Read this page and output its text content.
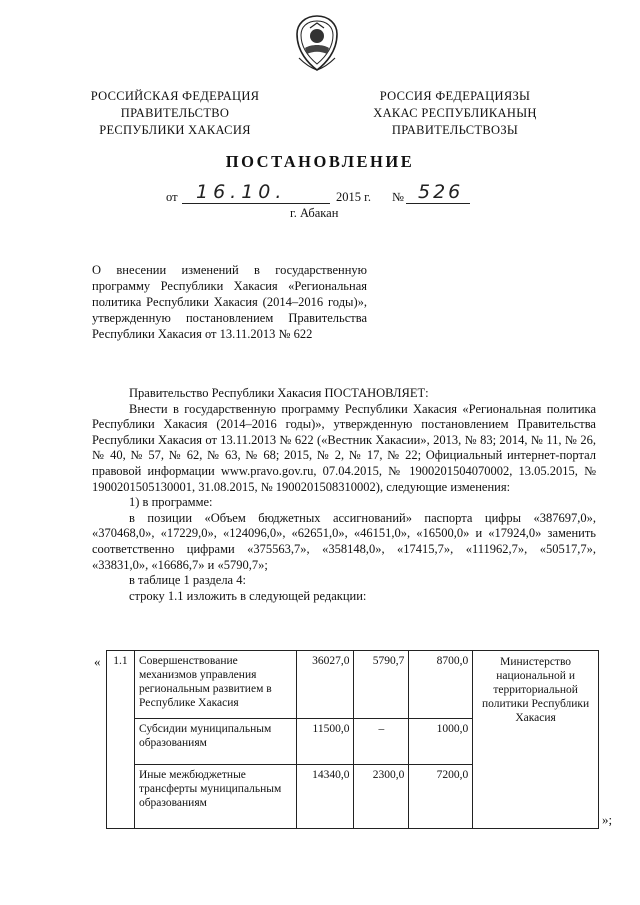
РОССИЙСКАЯ ФЕДЕРАЦИЯ
ПРАВИТЕЛЬСТВО
РЕСПУБЛИКИ ХАКАСИЯ
РОССИЯ ФЕДЕРАЦИЯЗЫ
ХАКАС РЕСПУБЛИКАНЫҢ
ПРАВИТЕЛЬСТВОЗЫ
ПОСТАНОВЛЕНИЕ
от 16.10.	2015 г. № 526
г. Абакан
О внесении изменений в государственную программу Республики Хакасия «Региональная политика Республики Хакасия (2014–2016 годы)», утвержденную постановлением Правительства Республики Хакасия от 13.11.2013 № 622

Правительство Республики Хакасия ПОСТАНОВЛЯЕТ:

Внести в государственную программу Республики Хакасия «Региональная политика Республики Хакасия (2014–2016 годы)», утвержденную постановлением Правительства Республики Хакасия от 13.11.2013 № 622 («Вестник Хакасии», 2013, № 83; 2014, № 11, № 26, № 40, № 57, № 62, № 63, № 68; 2015, № 2, № 17, № 22; Официальный интернет-портал правовой информации www.pravo.gov.ru, 07.04.2015, № 1900201504070002, 13.05.2015, № 1900201505130001, 31.08.2015, № 1900201508310002), следующие изменения:

1) в программе:

в позиции «Объем бюджетных ассигнований» паспорта цифры «387697,0», «370468,0», «17229,0», «124096,0», «62651,0», «46151,0», «16500,0» и «17924,0» заменить соответственно цифрами «375563,7», «358148,0», «17415,7», «111962,7», «50517,7», «33831,0», «16686,7» и «5790,7»;

в таблице 1 раздела 4:

строку 1.1 изложить в следующей редакции:

« 1.1	Совершенствование механизмов управления региональным развитием в Республике Хакасия	36027,0	5790,7	8700,0	Министерство национальной и территориальной политики Республики Хакасия
	Субсидии муниципальным образованиям	11500,0	–	1000,0	
	Иные межбюджетные трансферты муниципальным образованиям	14340,0	2300,0	7200,0	
»;
